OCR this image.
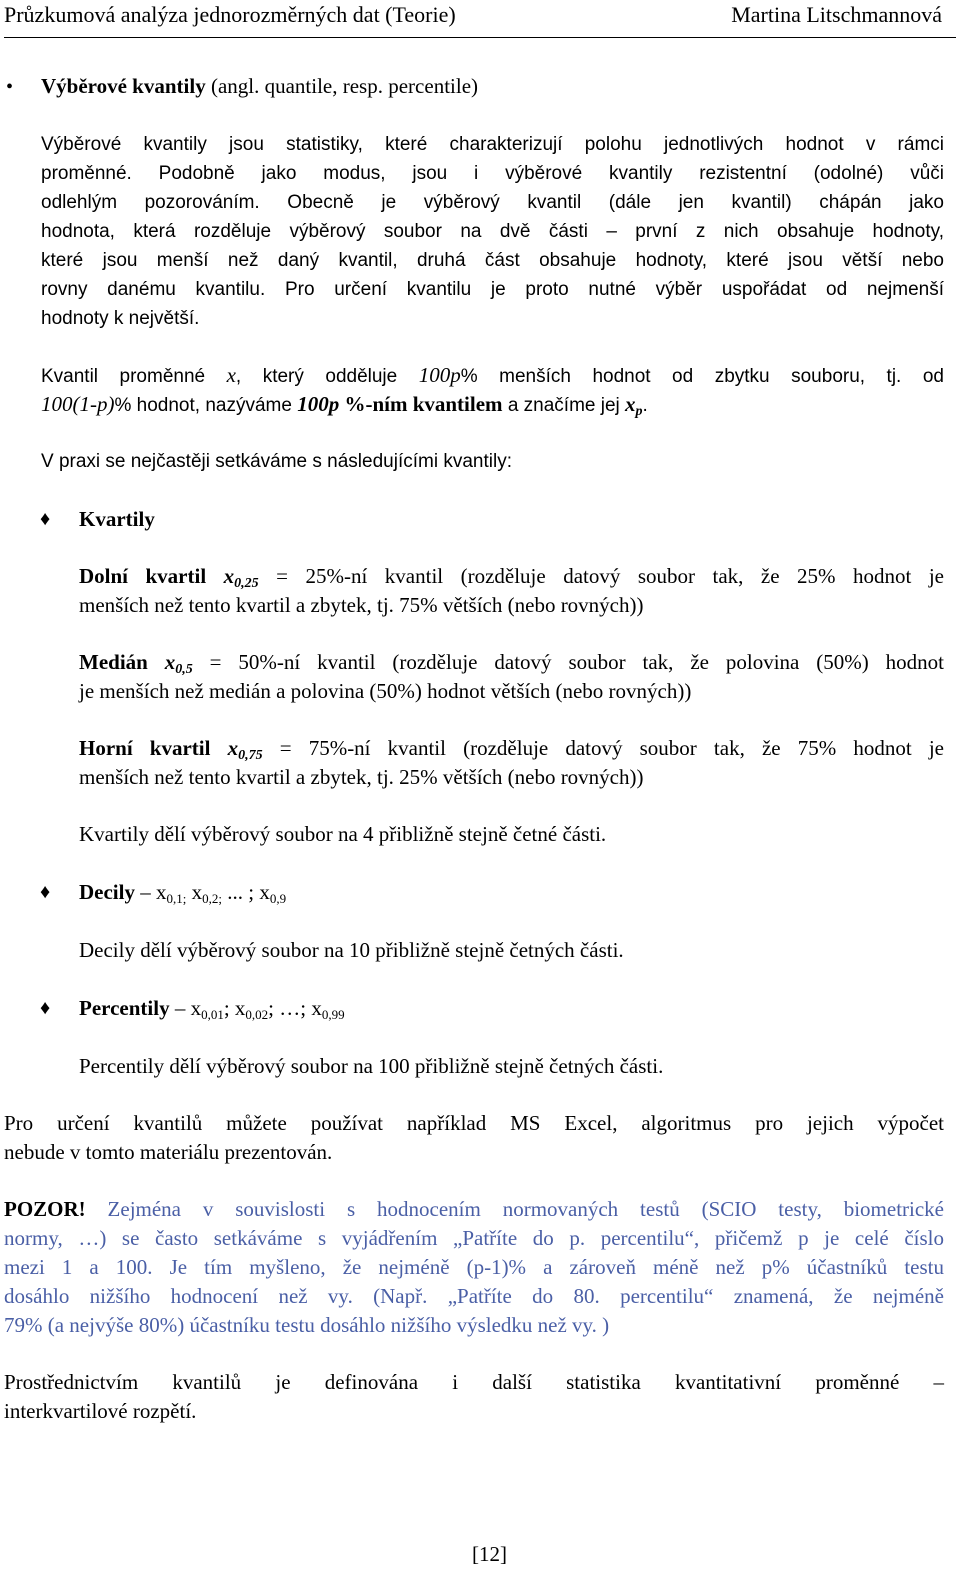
Průzkumová analýza jednorozměrných dat (Teorie)	Martina Litschmannová
• Výběrové kvantily (angl. quantile, resp. percentile)
Výběrové kvantily jsou statistiky, které charakterizují polohu jednotlivých hodnot v rámci
proměnné. Podobně jako modus, jsou i výběrové kvantily rezistentní (odolné) vůči
odlehlým pozorováním. Obecně je výběrový kvantil (dále jen kvantil) chápán jako
hodnota, která rozděluje výběrový soubor na dvě části – první z nich obsahuje hodnoty,
které jsou menší než daný kvantil, druhá část obsahuje hodnoty, které jsou větší nebo
rovny danému kvantilu. Pro určení kvantilu je proto nutné výběr uspořádat od nejmenší
hodnoty k největší.
Kvantil proměnné x, který odděluje 100p% menších hodnot od zbytku souboru, tj. od
100(1-p)% hodnot, nazýváme 100p %-ním kvantilem a značíme jej $x_p$.
V praxi se nejčastěji setkáváme s následujícími kvantily:
♦ Kvartily
Dolní kvartil $x_{0,25}$ = 25%-ní kvantil (rozděluje datový soubor tak, že 25% hodnot je
menších než tento kvartil a zbytek, tj. 75% větších (nebo rovných))
Medián $x_{0,5}$ = 50%-ní kvantil (rozděluje datový soubor tak, že polovina (50%) hodnot
je menších než medián a polovina (50%) hodnot větších (nebo rovných))
Horní kvartil $x_{0,75}$ = 75%-ní kvantil (rozděluje datový soubor tak, že 75% hodnot je
menších než tento kvartil a zbytek, tj. 25% větších (nebo rovných))
Kvartily dělí výběrový soubor na 4 přibližně stejně četné části.
♦ Decily – $x_{0,1;}$ $x_{0,2;}$ ... ; $x_{0,9}$
Decily dělí výběrový soubor na 10 přibližně stejně četných části.
♦ Percentily – $x_{0,01}$; $x_{0,02}$; …; $x_{0,99}$
Percentily dělí výběrový soubor na 100 přibližně stejně četných části.
Pro určení kvantilů můžete používat například MS Excel, algoritmus pro jejich výpočet
nebude v tomto materiálu prezentován.
POZOR! Zejména v souvislosti s hodnocením normovaných testů (SCIO testy, biometrické
normy, …) se často setkáváme s vyjádřením „Patříte do p. percentilu“, přičemž p je celé číslo
mezi 1 a 100. Je tím myšleno, že nejméně (p-1)% a zároveň méně než p% účastníků testu
dosáhlo nižšího hodnocení než vy. (Např. „Patříte do 80. percentilu“ znamená, že nejméně
79% (a nejvýše 80%) účastníku testu dosáhlo nižšího výsledku než vy. )
Prostřednictvím kvantilů je definována i další statistika kvantitativní proměnné –
interkvartilové rozpětí.
[12]
